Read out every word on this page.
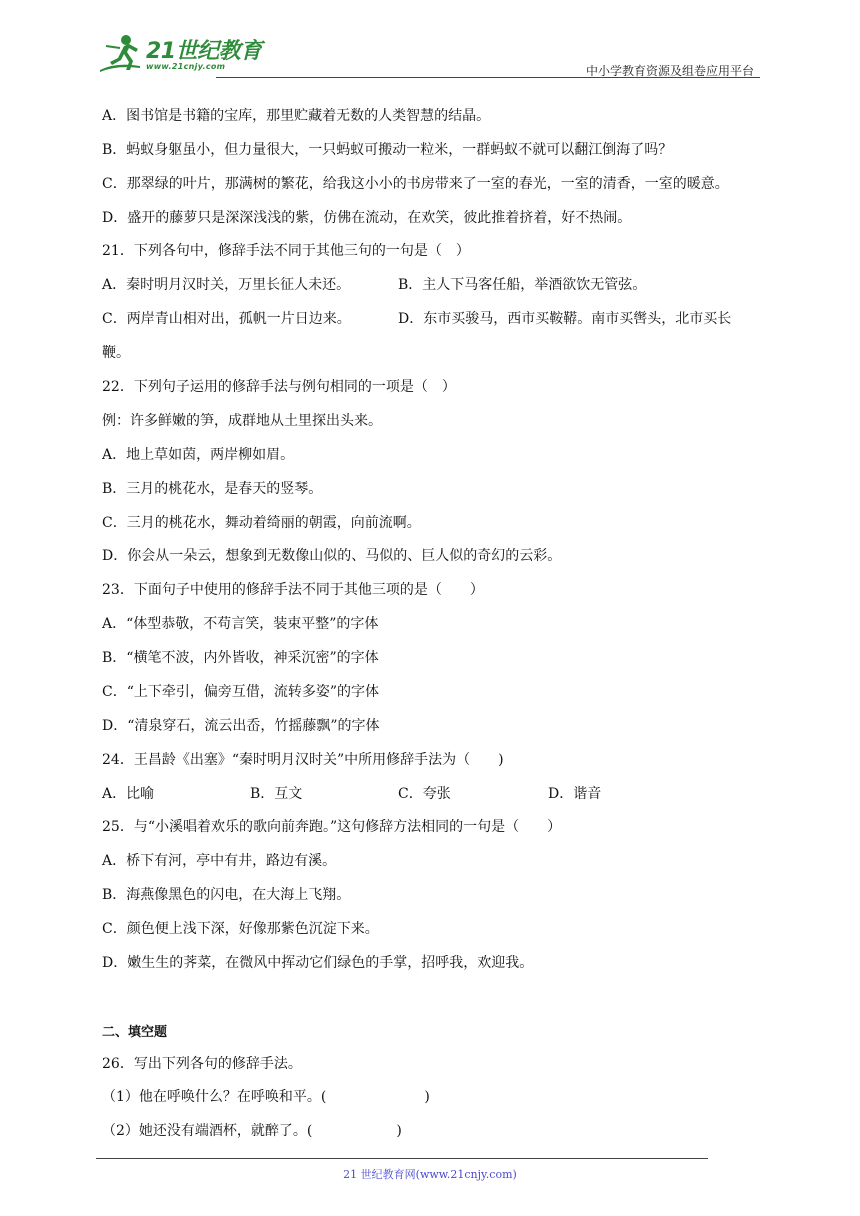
21世纪教育
www.21cnjy.com	中小学教育资源及组卷应用平台
A．图书馆是书籍的宝库，那里贮藏着无数的人类智慧的结晶。
B．蚂蚁身躯虽小，但力量很大，一只蚂蚁可搬动一粒米，一群蚂蚁不就可以翻江倒海了吗？
C．那翠绿的叶片，那满树的繁花，给我这小小的书房带来了一室的春光，一室的清香，一室的暖意。
D．盛开的藤萝只是深深浅浅的紫，仿佛在流动，在欢笑，彼此推着挤着，好不热闹。
21．下列各句中，修辞手法不同于其他三句的一句是（　）
A．秦时明月汉时关，万里长征人未还。	B．主人下马客任船，举酒欲饮无管弦。
C．两岸青山相对出，孤帆一片日边来。	D．东市买骏马，西市买鞍鞯。南市买辔头，北市买长
鞭。
22．下列句子运用的修辞手法与例句相同的一项是（　）
例：许多鲜嫩的笋，成群地从土里探出头来。
A．地上草如茵，两岸柳如眉。
B．三月的桃花水，是春天的竖琴。
C．三月的桃花水，舞动着绮丽的朝霞，向前流啊。
D．你会从一朵云，想象到无数像山似的、马似的、巨人似的奇幻的云彩。
23．下面句子中使用的修辞手法不同于其他三项的是（　　）
A．“体型恭敬，不苟言笑，装束平整”的字体
B．“横笔不波，内外皆收，神采沉密”的字体
C．“上下牵引，偏旁互借，流转多姿”的字体
D．“清泉穿石，流云出岙，竹摇藤飘”的字体
24．王昌龄《出塞》“秦时明月汉时关”中所用修辞手法为（　　)
A．比喻	B．互文	C．夸张	D．谐音
25．与“小溪唱着欢乐的歌向前奔跑。”这句修辞方法相同的一句是（　　）
A．桥下有河，亭中有井，路边有溪。
B．海燕像黑色的闪电，在大海上飞翔。
C．颜色便上浅下深，好像那紫色沉淀下来。
D．嫩生生的荠菜，在微风中挥动它们绿色的手掌，招呼我，欢迎我。
二、填空题
26．写出下列各句的修辞手法。
（1）他在呼唤什么？在呼唤和平。(　　　　　　　)
（2）她还没有端酒杯，就醉了。(　　　　　　)
21 世纪教育网(www.21cnjy.com)
